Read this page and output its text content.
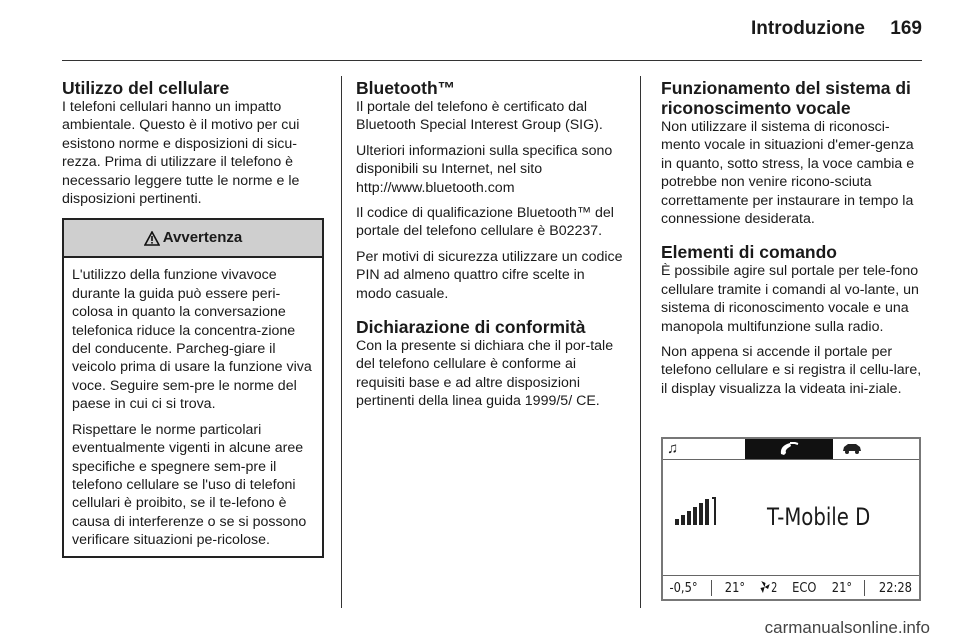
Introduzione 169
Utilizzo del cellulare

I telefoni cellulari hanno un impatto ambientale. Questo è il motivo per cui esistono norme e disposizioni di sicu-rezza. Prima di utilizzare il telefono è necessario leggere tutte le norme e le disposizioni pertinenti.

Avvertenza

L'utilizzo della funzione vivavoce durante la guida può essere peri-colosa in quanto la conversazione telefonica riduce la concentra-zione del conducente. Parcheg-giare il veicolo prima di usare la funzione viva voce. Seguire sem-pre le norme del paese in cui ci si trova.

Rispettare le norme particolari eventualmente vigenti in alcune aree specifiche e spegnere sem-pre il telefono cellulare se l'uso di telefoni cellulari è proibito, se il te-lefono è causa di interferenze o se si possono verificare situazioni pe-ricolose.

Bluetooth™

Il portale del telefono è certificato dal Bluetooth Special Interest Group (SIG).

Ulteriori informazioni sulla specifica sono disponibili su Internet, nel sito http://www.bluetooth.com

Il codice di qualificazione Bluetooth™ del portale del telefono cellulare è B02237.

Per motivi di sicurezza utilizzare un codice PIN ad almeno quattro cifre scelte in modo casuale.

Dichiarazione di conformità

Con la presente si dichiara che il por-tale del telefono cellulare è conforme ai requisiti base e ad altre disposizioni pertinenti della linea guida 1999/5/ CE.

Funzionamento del sistema di riconoscimento vocale

Non utilizzare il sistema di riconosci-mento vocale in situazioni d'emer-genza in quanto, sotto stress, la voce cambia e potrebbe non venire ricono-sciuta correttamente per instaurare in tempo la connessione desiderata.

Elementi di comando

È possibile agire sul portale per tele-fono cellulare tramite i comandi al vo-lante, un sistema di riconoscimento vocale e una manopola multifunzione sulla radio.

Non appena si accende il portale per telefono cellulare e si registra il cellu-lare, il display visualizza la videata ini-ziale.

♫
T-Mobile D
-0,5° 21°	2 ECO 21° 22:28
carmanualsonline.info
